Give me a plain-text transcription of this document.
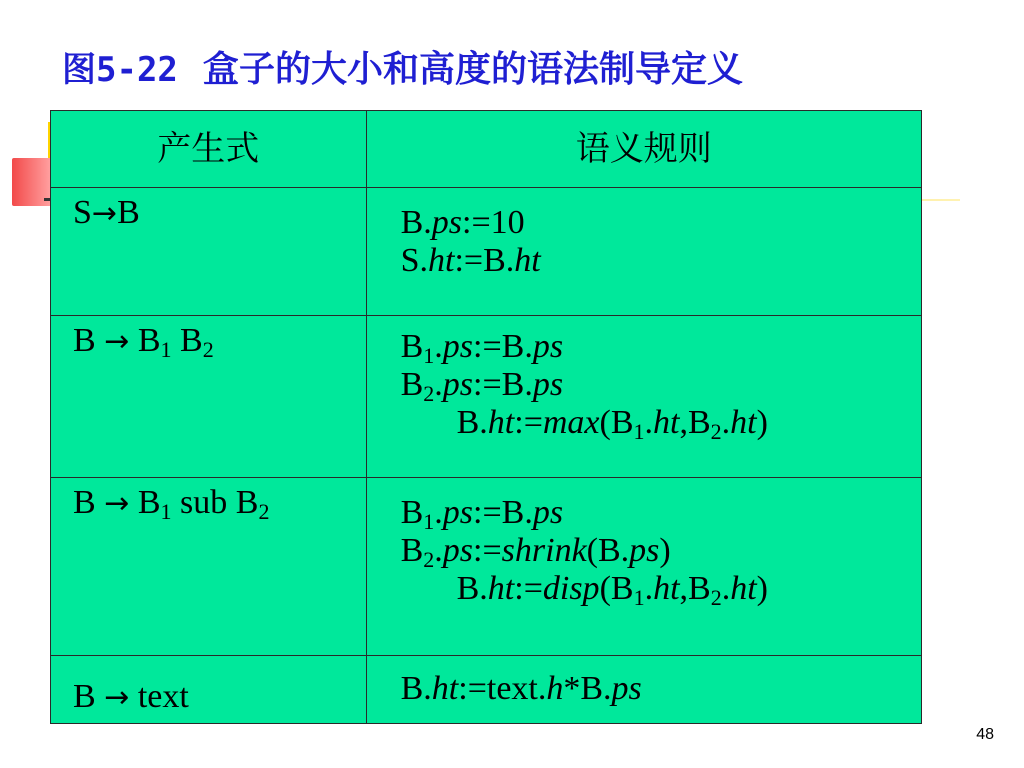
图5-22 盒子的大小和高度的语法制导定义
产生式	语义规则
S→B	B.ps:=10
S.ht:=B.ht

$B \to B_1$ $B_2$	$B_1.ps:=B.ps$
$B_2.ps:=B.ps$
$B.ht:=\max(B_1.ht,B_2.ht)$

$B \to B_1$ sub $B_2$	$B_1.ps:=B.ps$
$B_2.ps:=shrink(B.ps)$
$B.ht:=disp(B_1.ht,B_2.ht)$

B → text	B.ht:=text.h*B.ps
48
